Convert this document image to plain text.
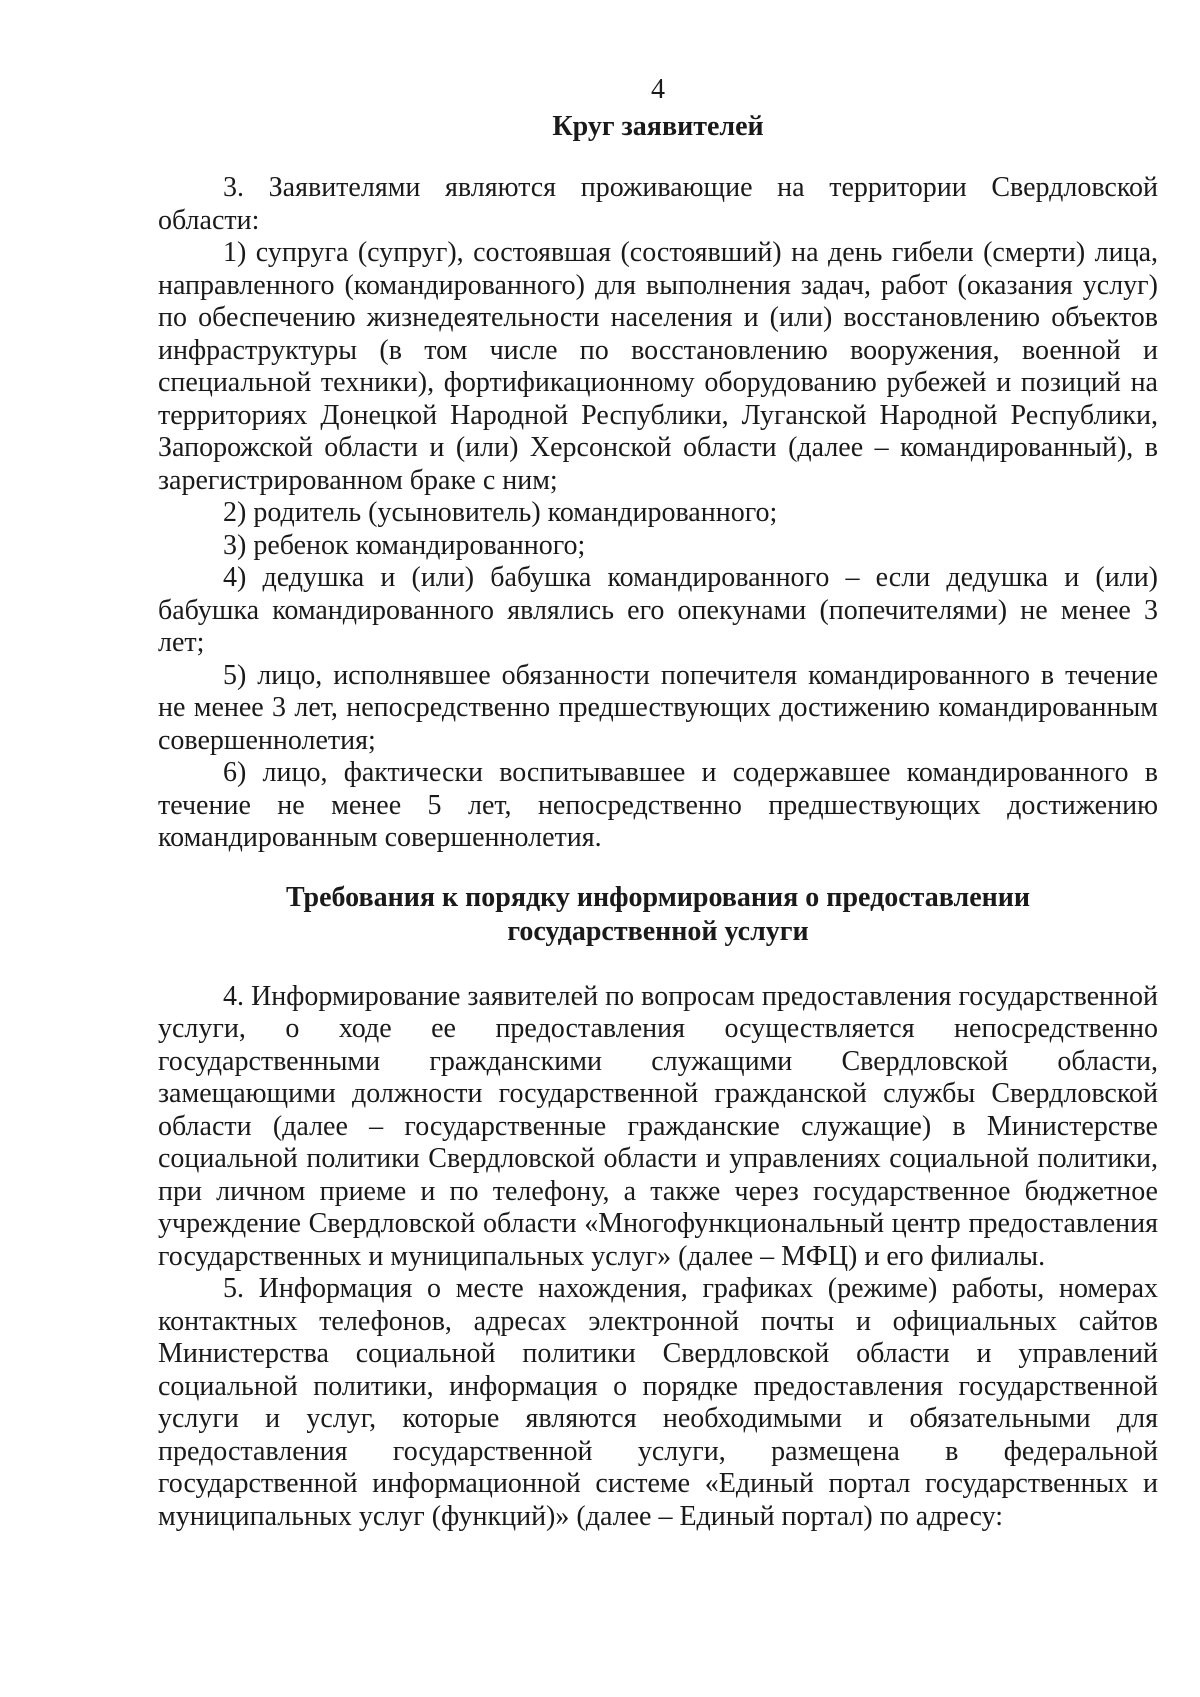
4
Круг заявителей

3. Заявителями являются проживающие на территории Свердловской области:

1) супруга (супруг), состоявшая (состоявший) на день гибели (смерти) лица, направленного (командированного) для выполнения задач, работ (оказания услуг) по обеспечению жизнедеятельности населения и (или) восстановлению объектов инфраструктуры (в том числе по восстановлению вооружения, военной и специальной техники), фортификационному оборудованию рубежей и позиций на территориях Донецкой Народной Республики, Луганской Народной Республики, Запорожской области и (или) Херсонской области (далее – командированный), в зарегистрированном браке с ним;

2) родитель (усыновитель) командированного;

3) ребенок командированного;

4) дедушка и (или) бабушка командированного – если дедушка и (или) бабушка командированного являлись его опекунами (попечителями) не менее 3 лет;

5) лицо, исполнявшее обязанности попечителя командированного в течение не менее 3 лет, непосредственно предшествующих достижению командированным совершеннолетия;

6) лицо, фактически воспитывавшее и содержавшее командированного в течение не менее 5 лет, непосредственно предшествующих достижению командированным совершеннолетия.

Требования к порядку информирования о предоставлении
государственной услуги

4. Информирование заявителей по вопросам предоставления государственной услуги, о ходе ее предоставления осуществляется непосредственно государственными гражданскими служащими Свердловской области, замещающими должности государственной гражданской службы Свердловской области (далее – государственные гражданские служащие) в Министерстве социальной политики Свердловской области и управлениях социальной политики, при личном приеме и по телефону, а также через государственное бюджетное учреждение Свердловской области «Многофункциональный центр предоставления государственных и муниципальных услуг» (далее – МФЦ) и его филиалы.

5. Информация о месте нахождения, графиках (режиме) работы, номерах контактных телефонов, адресах электронной почты и официальных сайтов Министерства социальной политики Свердловской области и управлений социальной политики, информация о порядке предоставления государственной услуги и услуг, которые являются необходимыми и обязательными для предоставления государственной услуги, размещена в федеральной государственной информационной системе «Единый портал государственных и муниципальных услуг (функций)» (далее – Единый портал) по адресу:
